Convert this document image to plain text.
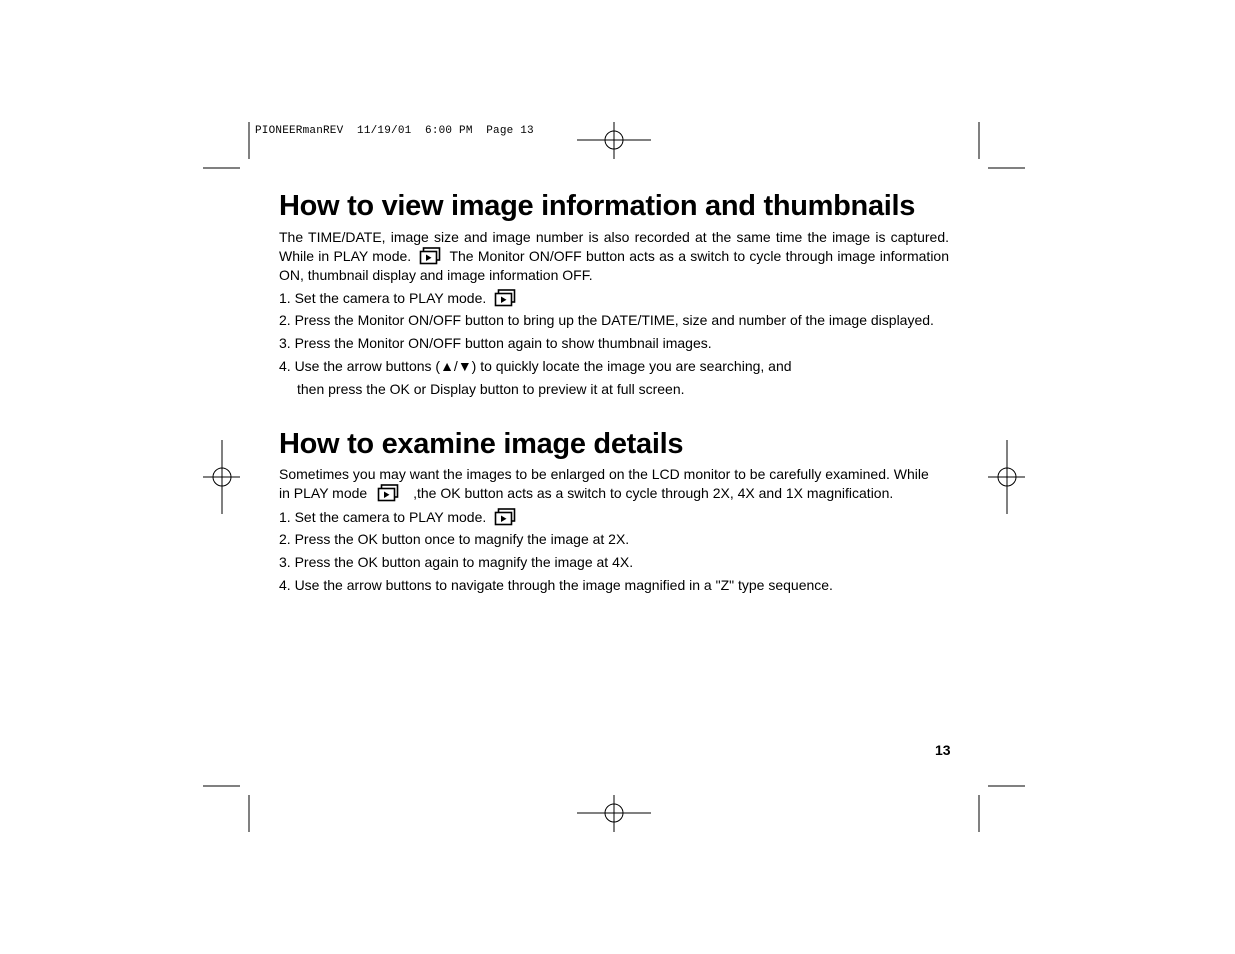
PIONEERmanREV  11/19/01  6:00 PM  Page 13
How to view image information and thumbnails
The TIME/DATE, image size and image number is also recorded at the same time the image is captured. While in PLAY mode.	The Monitor ON/OFF button acts as a switch to cycle through image information ON, thumbnail display and image information OFF.
1. Set the camera to PLAY mode.
2. Press the Monitor ON/OFF button to bring up the DATE/TIME, size and number of the image displayed.
3. Press the Monitor ON/OFF button again to show thumbnail images.
4. Use the arrow buttons (▲/▼) to quickly locate the image you are searching, and
then press the OK or Display button to preview it at full screen.
How to examine image details
Sometimes you may want the images to be enlarged on the LCD monitor to be carefully examined. While
in PLAY mode	,the OK button acts as a switch to cycle through 2X, 4X and 1X magnification.
1. Set the camera to PLAY mode.
2. Press the OK button once to magnify the image at 2X.
3. Press the OK button again to magnify the image at 4X.
4. Use the arrow buttons to navigate through the image magnified in a "Z" type sequence.
13
